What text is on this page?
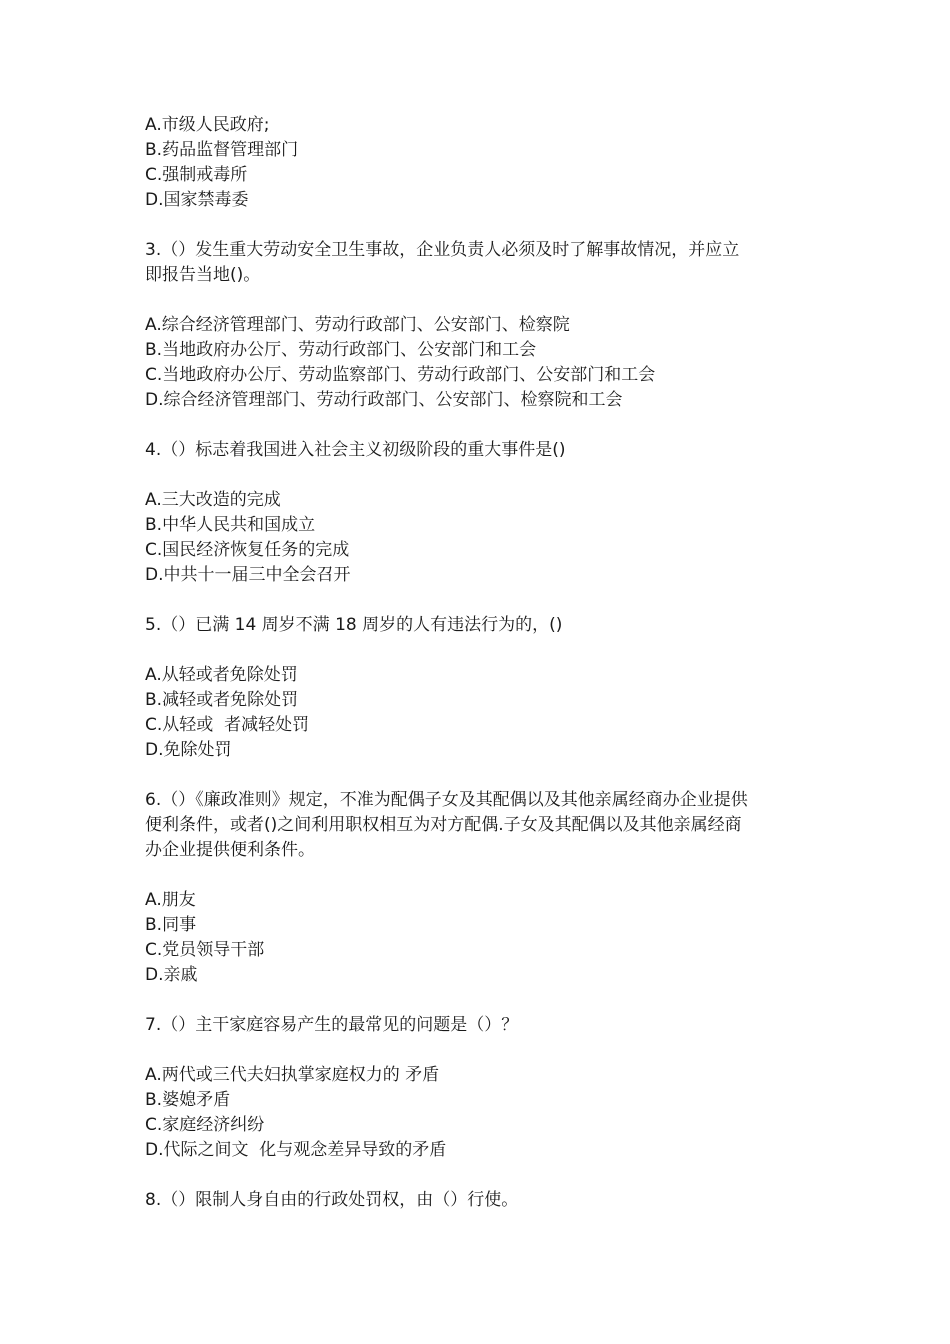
A.市级人民政府;
B.药品监督管理部门
C.强制戒毒所
D.国家禁毒委
3.（）发生重大劳动安全卫生事故，企业负责人必须及时了解事故情况，并应立
即报告当地()。
A.综合经济管理部门、劳动行政部门、公安部门、检察院
B.当地政府办公厅、劳动行政部门、公安部门和工会
C.当地政府办公厅、劳动监察部门、劳动行政部门、公安部门和工会
D.综合经济管理部门、劳动行政部门、公安部门、检察院和工会
4.（）标志着我国进入社会主义初级阶段的重大事件是()
A.三大改造的完成
B.中华人民共和国成立
C.国民经济恢复任务的完成
D.中共十一届三中全会召开
5.（）已满 14 周岁不满 18 周岁的人有违法行为的，()
A.从轻或者免除处罚
B.减轻或者免除处罚
C.从轻或  者减轻处罚
D.免除处罚
6.（）《廉政准则》规定，不准为配偶子女及其配偶以及其他亲属经商办企业提供
便利条件，或者()之间利用职权相互为对方配偶.子女及其配偶以及其他亲属经商
办企业提供便利条件。
A.朋友
B.同事
C.党员领导干部
D.亲戚
7.（）主干家庭容易产生的最常见的问题是（）？
A.两代或三代夫妇执掌家庭权力的 矛盾
B.婆媳矛盾
C.家庭经济纠纷
D.代际之间文  化与观念差异导致的矛盾
8.（）限制人身自由的行政处罚权，由（）行使。
